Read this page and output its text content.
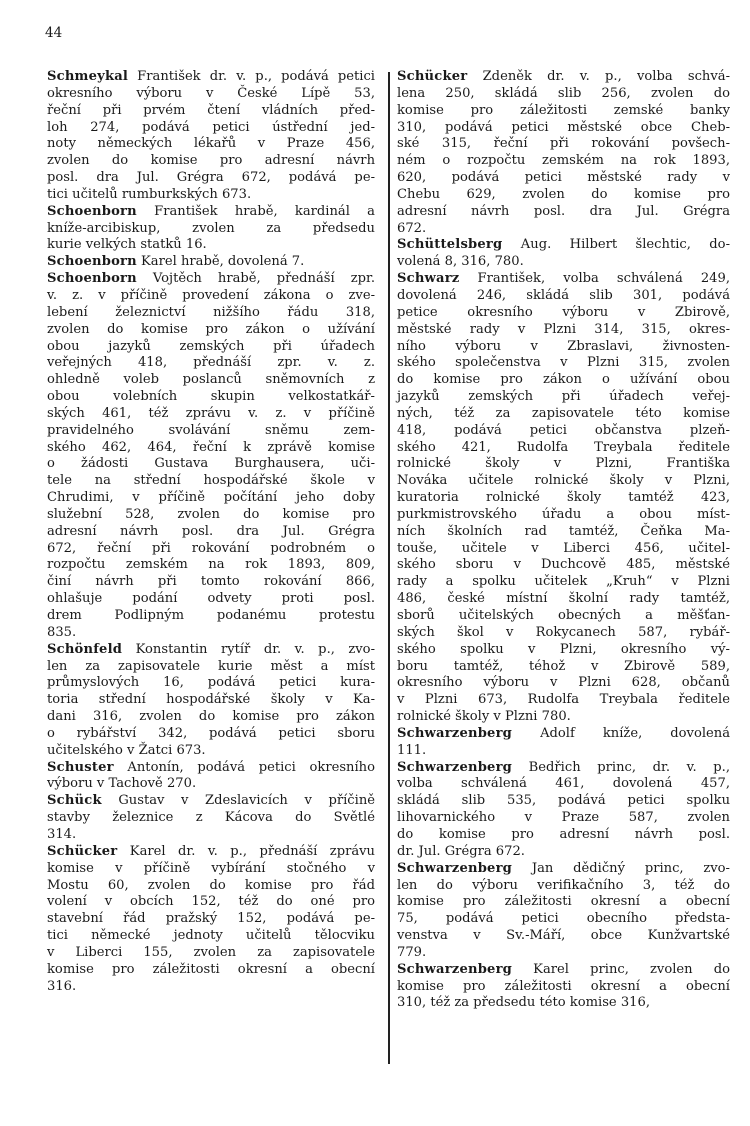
44
Schmeykal František dr. v. p., podává petici
okresního výboru v České Lípě 53,
řeční při prvém čtení vládních před-
loh 274, podává petici ústřední jed-
noty německých lékařů v Praze 456,
zvolen do komise pro adresní návrh
posl. dra Jul. Grégra 672, podává pe-
tici učitelů rumburkských 673.
Schoenborn František hrabě, kardinál a
kníže-arcibiskup, zvolen za předsedu
kurie velkých statků 16.
Schoenborn Karel hrabě, dovolená 7.
Schoenborn Vojtěch hrabě, přednáší zpr.
v. z. v příčině provedení zákona o zve-
lebení železnictví nižšího řádu 318,
zvolen do komise pro zákon o užívání
obou jazyků zemských při úřadech
veřejných 418, přednáší zpr. v. z.
ohledně voleb poslanců sněmovních z
obou volebních skupin velkostatkář-
ských 461, též zprávu v. z. v příčině
pravidelného svolávání sněmu zem-
ského 462, 464, řeční k zprávě komise
o žádosti Gustava Burghausera, uči-
tele na střední hospodářské škole v
Chrudimi, v příčině počítání jeho doby
služební 528, zvolen do komise pro
adresní návrh posl. dra Jul. Grégra
672, řeční při rokování podrobném o
rozpočtu zemském na rok 1893, 809,
činí návrh při tomto rokování 866,
ohlašuje podání odvety proti posl.
drem Podlipným podanému protestu
835.
Schönfeld Konstantin rytíř dr. v. p., zvo-
len za zapisovatele kurie měst a míst
průmyslových 16, podává petici kura-
toria střední hospodářské školy v Ka-
dani 316, zvolen do komise pro zákon
o rybářství 342, podává petici sboru
učitelského v Žatci 673.
Schuster Antonín, podává petici okresního
výboru v Tachově 270.
Schück Gustav v Zdeslavicích v příčině
stavby železnice z Kácova do Světlé
314.
Schücker Karel dr. v. p., přednáší zprávu
komise v příčině vybírání stočného v
Mostu 60, zvolen do komise pro řád
volení v obcích 152, též do oné pro
stavební řád pražský 152, podává pe-
tici německé jednoty učitelů tělocviku
v Liberci 155, zvolen za zapisovatele
komise pro záležitosti okresní a obecní
316.
Schücker Zdeněk dr. v. p., volba schvá-
lena 250, skládá slib 256, zvolen do
komise pro záležitosti zemské banky
310, podává petici městské obce Cheb-
ské 315, řeční při rokování povšech-
ném o rozpočtu zemském na rok 1893,
620, podává petici městské rady v
Chebu 629, zvolen do komise pro
adresní návrh posl. dra Jul. Grégra
672.
Schüttelsberg Aug. Hilbert šlechtic, do-
volená 8, 316, 780.
Schwarz František, volba schválená 249,
dovolená 246, skládá slib 301, podává
petice okresního výboru v Zbirově,
městské rady v Plzni 314, 315, okres-
ního výboru v Zbraslavi, živnosten-
ského společenstva v Plzni 315, zvolen
do komise pro zákon o užívání obou
jazyků zemských při úřadech veřej-
ných, též za zapisovatele této komise
418, podává petici občanstva plzeň-
ského 421, Rudolfa Treybala ředitele
rolnické školy v Plzni, Františka
Nováka učitele rolnické školy v Plzni,
kuratoria rolnické školy tamtéž 423,
purkmistrovského úřadu a obou míst-
ních školních rad tamtéž, Čeňka Ma-
touše, učitele v Liberci 456, učitel-
ského sboru v Duchcově 485, městské
rady a spolku učitelek „Kruh“ v Plzni
486, české místní školní rady tamtéž,
sborů učitelských obecných a měšťan-
ských škol v Rokycanech 587, rybář-
ského spolku v Plzni, okresního vý-
boru tamtéž, téhož v Zbirově 589,
okresního výboru v Plzni 628, občanů
v Plzni 673, Rudolfa Treybala ředitele
rolnické školy v Plzni 780.
Schwarzenberg Adolf kníže, dovolená
111.
Schwarzenberg Bedřich princ, dr. v. p.,
volba schválená 461, dovolená 457,
skládá slib 535, podává petici spolku
lihovarnického v Praze 587, zvolen
do komise pro adresní návrh posl.
dr. Jul. Grégra 672.
Schwarzenberg Jan dědičný princ, zvo-
len do výboru verifikačního 3, též do
komise pro záležitosti okresní a obecní
75, podává petici obecního předsta-
venstva v Sv.-Máří, obce Kunžvartské
779.
Schwarzenberg Karel princ, zvolen do
komise pro záležitosti okresní a obecní
310, též za předsedu této komise 316,
